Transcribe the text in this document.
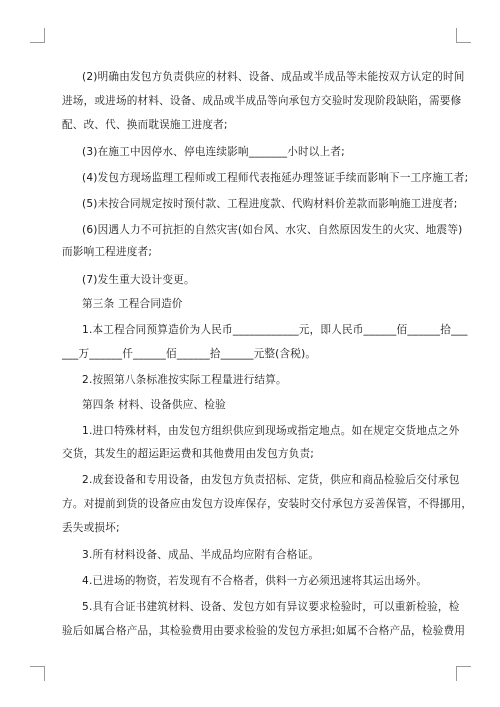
(2)明确由发包方负责供应的材料、设备、成品或半成品等未能按双方认定的时间

进场，或进场的材料、设备、成品或半成品等向承包方交验时发现阶段缺陷，需要修

配、改、代、换而耽误施工进度者;

(3)在施工中因停水、停电连续影响_______小时以上者;

(4)发包方现场监理工程师或工程师代表拖延办理签证手续而影响下一工序施工者;

(5)未按合同规定按时预付款、工程进度款、代购材料价差款而影响施工进度者;

(6)因遇人力不可抗拒的自然灾害(如台风、水灾、自然原因发生的火灾、地震等)

而影响工程进度者;

(7)发生重大设计变更。

第三条 工程合同造价

1.本工程合同预算造价为人民币____________元，即人民币______佰______拾___

___万______仟______佰______拾______元整(含税)。

2.按照第八条标准按实际工程量进行结算。

第四条 材料、设备供应、检验

1.进口特殊材料，由发包方组织供应到现场或指定地点。如在规定交货地点之外

交货，其发生的超运距运费和其他费用由发包方负责;

2.成套设备和专用设备，由发包方负责招标、定货，供应和商品检验后交付承包

方。对提前到货的设备应由发包方设库保存，安装时交付承包方妥善保管，不得挪用，

丢失或损坏;

3.所有材料设备、成品、半成品均应附有合格证。

4.已进场的物资，若发现有不合格者，供料一方必须迅速将其运出场外。

5.具有合证书建筑材料、设备、发包方如有异议要求检验时，可以重新检验，检

验后如属合格产品，其检验费用由要求检验的发包方承担;如属不合格产品，检验费用
